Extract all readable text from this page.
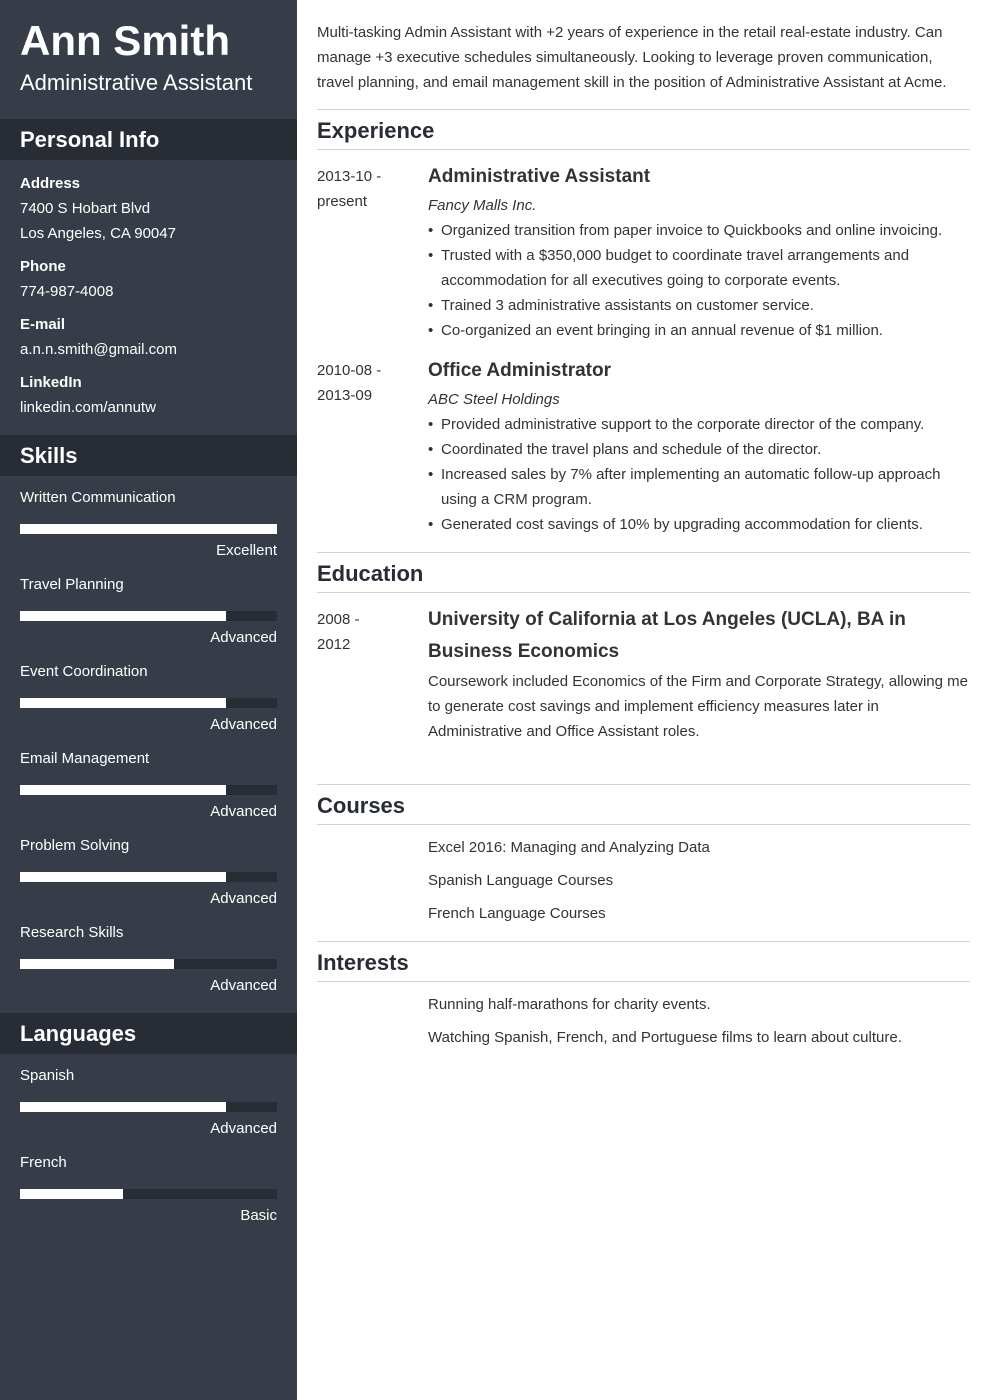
Ann Smith
Administrative Assistant
Personal Info
Address
7400 S Hobart Blvd
Los Angeles, CA 90047
Phone
774-987-4008
E-mail
a.n.n.smith@gmail.com
LinkedIn
linkedin.com/annutw
Skills
Written Communication
Excellent
Travel Planning
Advanced
Event Coordination
Advanced
Email Management
Advanced
Problem Solving
Advanced
Research Skills
Advanced
Languages
Spanish
Advanced
French
Basic

Multi-tasking Admin Assistant with +2 years of experience in the retail real-estate industry. Can manage +3 executive schedules simultaneously. Looking to leverage proven communication, travel planning, and email management skill in the position of Administrative Assistant at Acme.

Experience
2013-10 -
present
Administrative Assistant
Fancy Malls Inc.
• Organized transition from paper invoice to Quickbooks and online invoicing.
• Trusted with a $350,000 budget to coordinate travel arrangements and accommodation for all executives going to corporate events.
• Trained 3 administrative assistants on customer service.
• Co-organized an event bringing in an annual revenue of $1 million.
2010-08 -
2013-09
Office Administrator
ABC Steel Holdings
• Provided administrative support to the corporate director of the company.
• Coordinated the travel plans and schedule of the director.
• Increased sales by 7% after implementing an automatic follow-up approach using a CRM program.
• Generated cost savings of 10% by upgrading accommodation for clients.
Education
2008 -
2012
University of California at Los Angeles (UCLA), BA in Business Economics
Coursework included Economics of the Firm and Corporate Strategy, allowing me to generate cost savings and implement efficiency measures later in Administrative and Office Assistant roles.
Courses
Excel 2016: Managing and Analyzing Data
Spanish Language Courses
French Language Courses
Interests
Running half-marathons for charity events.
Watching Spanish, French, and Portuguese films to learn about culture.
